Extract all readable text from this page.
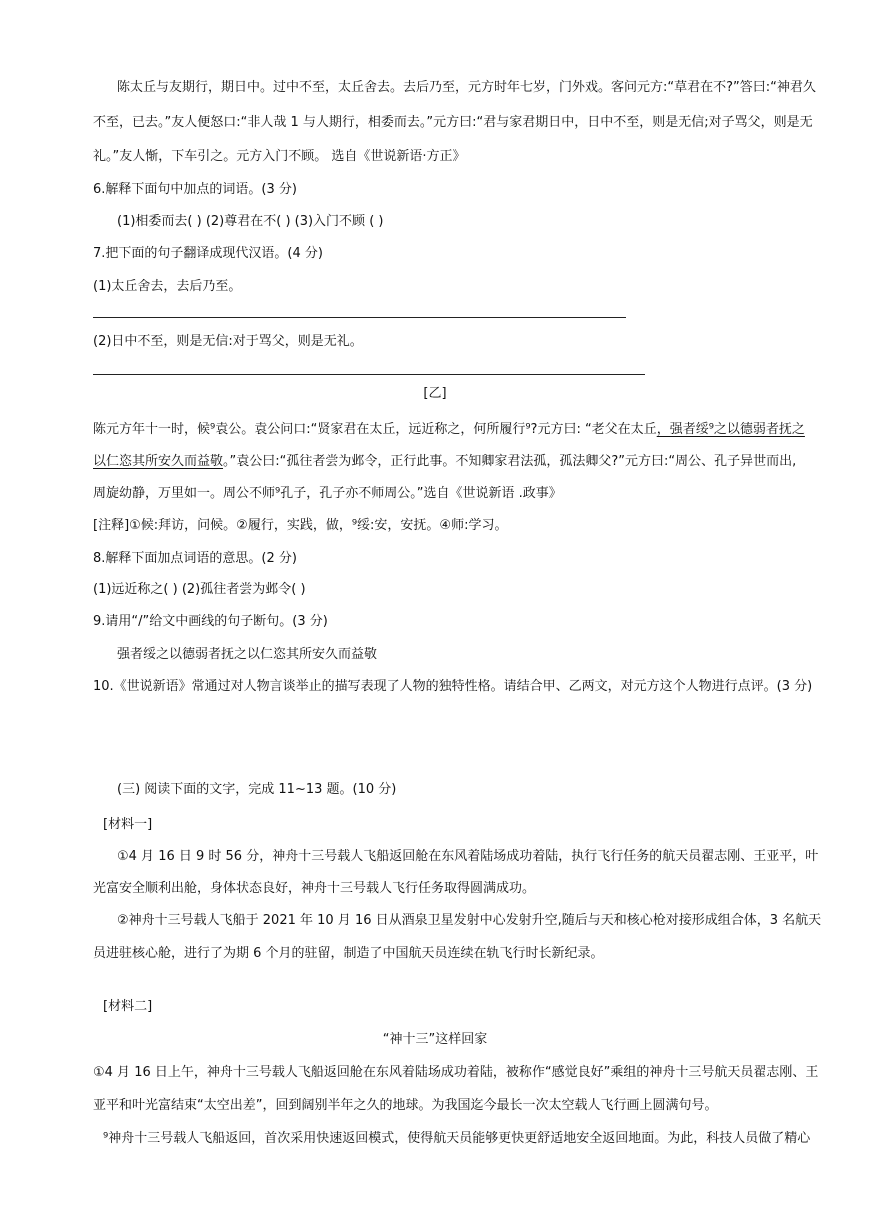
陈太丘与友期行，期日中。过中不至，太丘舍去。去后乃至，元方时年七岁，门外戏。客问元方:“草君在不?”答曰:“神君久
不至，已去。”友人便怒口:“非人哉 1 与人期行，相委而去。”元方曰:“君与家君期日中，日中不至，则是无信;对子骂父，则是无
礼。”友人惭，下车引之。元方入门不顾。 选自《世说新语·方正》
6.解释下面句中加点的词语。(3 分)
(1)相委而去( ) (2)尊君在不( ) (3)入门不顾 ( )
7.把下面的句子翻译成现代汉语。(4 分)
(1)太丘舍去，去后乃至。
(2)日中不至，则是无信:对于骂父，则是无礼。
[乙]
陈元方年十一时，候⁹袁公。袁公问口:“贤家君在太丘，远近称之，何所履行⁹?元方曰: “老父在太丘，强者绥⁹之以德弱者抚之
以仁恣其所安久而益敬。”袁公曰:“孤往者尝为邺令，正行此事。不知卿家君法孤，孤法卿父?”元方曰:“周公、孔子异世而出,
周旋幼静，万里如一。周公不师⁹孔子，孔子亦不师周公。”选自《世说新语 .政事》
[注释]①候:拜访，问候。②履行，实践，做，⁹绥:安，安抚。④师:学习。
8.解释下面加点词语的意思。(2 分)
(1)远近称之( ) (2)孤往者尝为邺令( )
9.请用“/”给文中画线的句子断句。(3 分)
强者绥之以德弱者抚之以仁恣其所安久而益敬
10.《世说新语》常通过对人物言谈举止的描写表现了人物的独特性格。请结合甲、乙两文，对元方这个人物进行点评。(3 分)
(三) 阅读下面的文字，完成 11~13 题。(10 分)
[材料一]
①4 月 16 日 9 时 56 分，神舟十三号载人飞船返回舱在东风着陆场成功着陆，执行飞行任务的航天员翟志刚、王亚平，叶
光富安全顺利出舱，身体状态良好，神舟十三号载人飞行任务取得圆满成功。
②神舟十三号载人飞船于 2021 年 10 月 16 日从酒泉卫星发射中心发射升空,随后与天和核心枪对接形成组合体，3 名航天
员进驻核心舱，进行了为期 6 个月的驻留，制造了中国航天员连续在轨飞行时长新纪录。
[材料二]
“神十三”这样回家
①4 月 16 日上午，神舟十三号载人飞船返回舱在东风着陆场成功着陆，被称作“感觉良好”乘组的神舟十三号航天员翟志刚、王
亚平和叶光富结束“太空出差”，回到阔别半年之久的地球。为我国迄今最长一次太空载人飞行画上圆满句号。
⁹神舟十三号载人飞船返回，首次采用快速返回模式，使得航天员能够更快更舒适地安全返回地面。为此，科技人员做了精心
